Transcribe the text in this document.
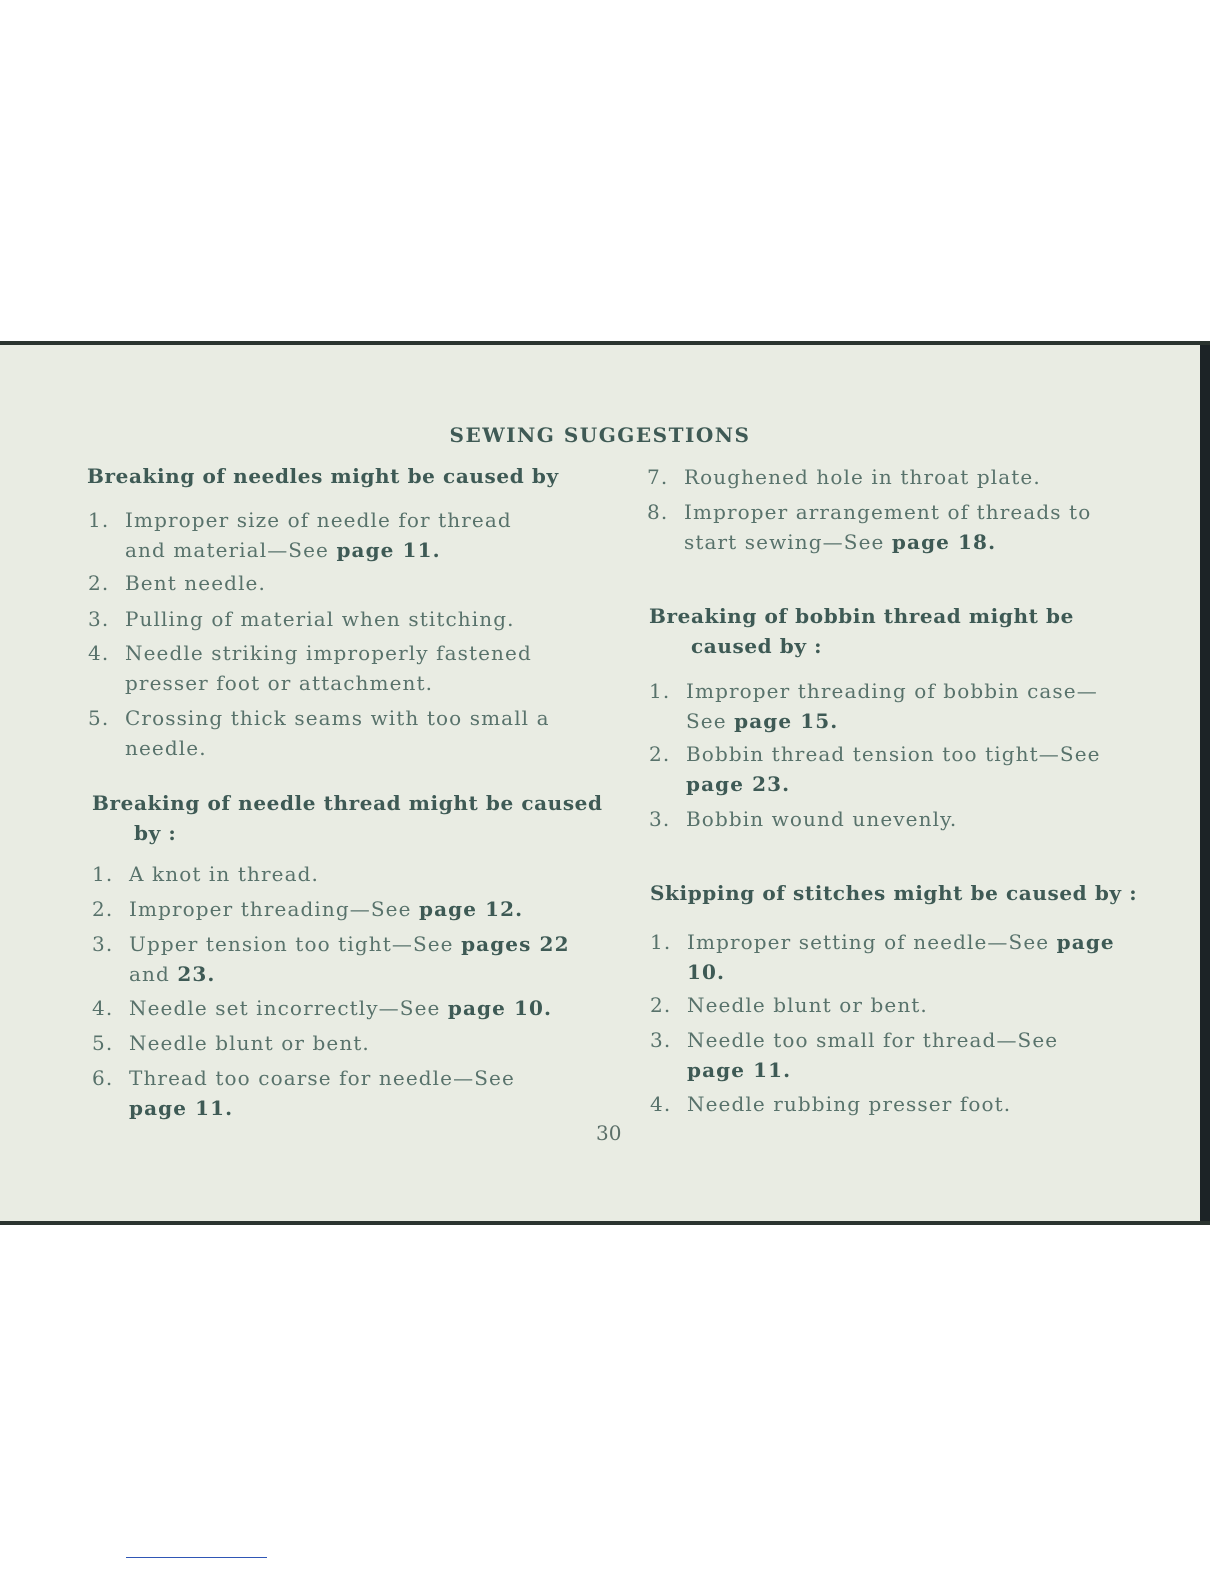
SEWING SUGGESTIONS
Breaking of needles might be caused by
1. Improper size of needle for thread
and material—See page 11.
2. Bent needle.
3. Pulling of material when stitching.
4. Needle striking improperly fastened
presser foot or attachment.
5. Crossing thick seams with too small a
needle.
Breaking of needle thread might be caused
by :
1. A knot in thread.
2. Improper threading—See page 12.
3. Upper tension too tight—See pages 22
and 23.
4. Needle set incorrectly—See page 10.
5. Needle blunt or bent.
6. Thread too coarse for needle—See
page 11.
7. Roughened hole in throat plate.
8. Improper arrangement of threads to
start sewing—See page 18.
Breaking of bobbin thread might be
caused by :
1. Improper threading of bobbin case—
See page 15.
2. Bobbin thread tension too tight—See
page 23.
3. Bobbin wound unevenly.
Skipping of stitches might be caused by :
1. Improper setting of needle—See page
10.
2. Needle blunt or bent.
3. Needle too small for thread—See
page 11.
4. Needle rubbing presser foot.
30
